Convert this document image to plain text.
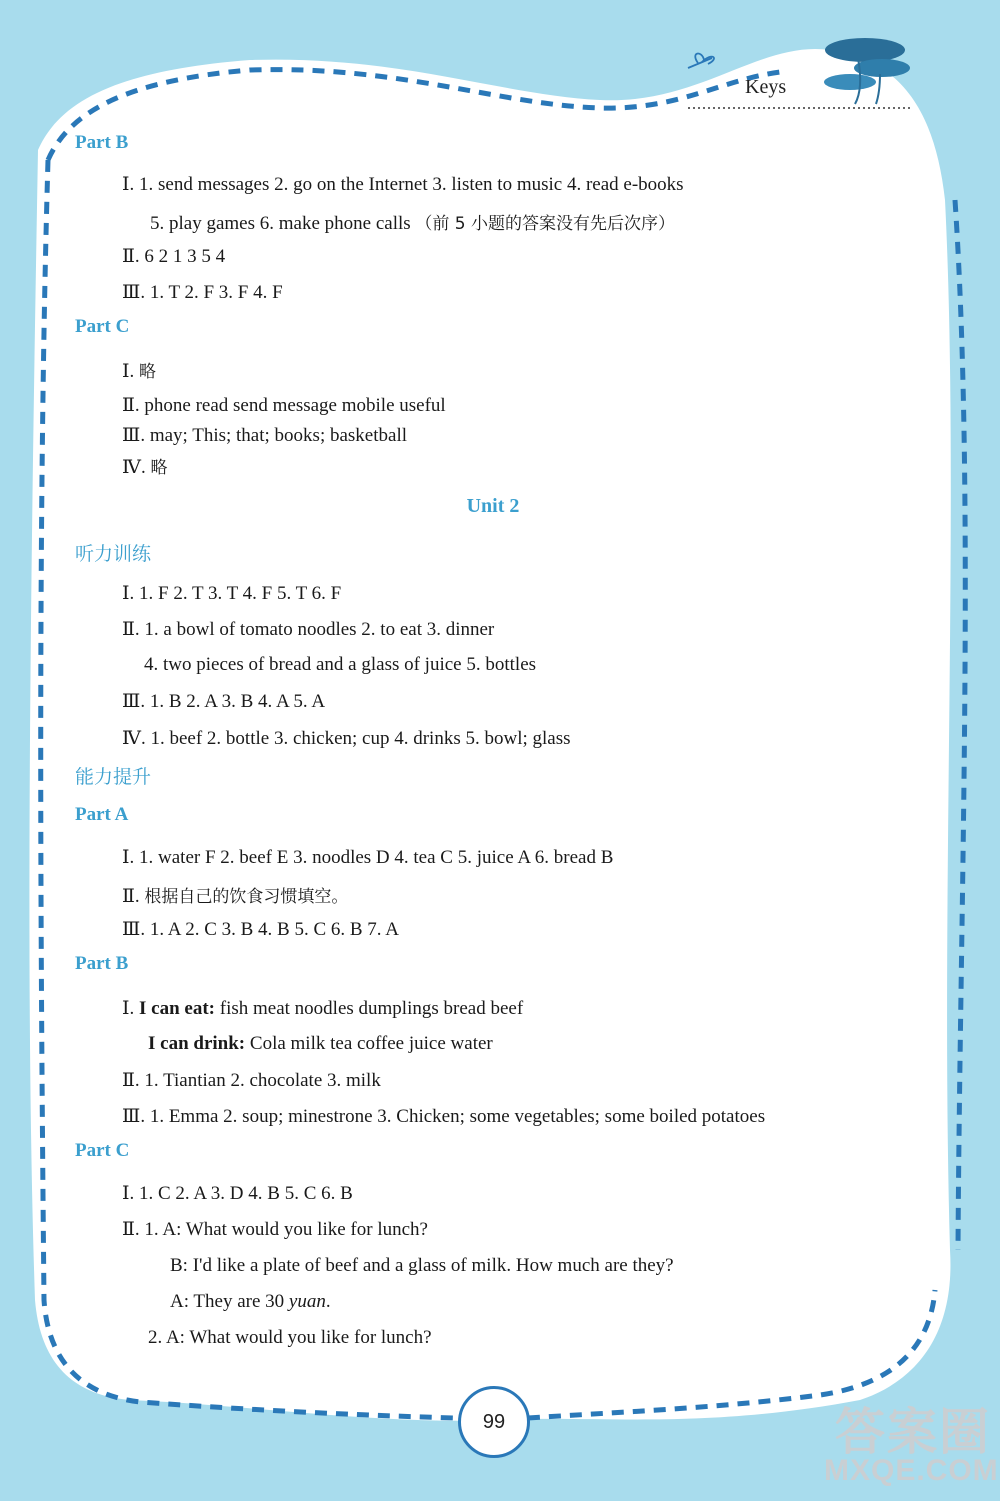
Keys
Part B
Ⅰ. 1. send messages 2. go on the Internet 3. listen to music 4. read e-books
5. play games 6. make phone calls （前 5 小题的答案没有先后次序）
Ⅱ. 6 2 1 3 5 4
Ⅲ. 1. T 2. F 3. F 4. F
Part C
Ⅰ. 略
Ⅱ. phone read send message mobile useful
Ⅲ. may; This; that; books; basketball
Ⅳ. 略
Unit 2
听力训练
Ⅰ. 1. F 2. T 3. T 4. F 5. T 6. F
Ⅱ. 1. a bowl of tomato noodles 2. to eat 3. dinner
4. two pieces of bread and a glass of juice 5. bottles
Ⅲ. 1. B 2. A 3. B 4. A 5. A
Ⅳ. 1. beef 2. bottle 3. chicken; cup 4. drinks 5. bowl; glass
能力提升
Part A
Ⅰ. 1. water F 2. beef E 3. noodles D 4. tea C 5. juice A 6. bread B
Ⅱ. 根据自己的饮食习惯填空。
Ⅲ. 1. A 2. C 3. B 4. B 5. C 6. B 7. A
Part B
Ⅰ. I can eat: fish meat noodles dumplings bread beef
I can drink: Cola milk tea coffee juice water
Ⅱ. 1. Tiantian 2. chocolate 3. milk
Ⅲ. 1. Emma 2. soup; minestrone 3. Chicken; some vegetables; some boiled potatoes
Part C
Ⅰ. 1. C 2. A 3. D 4. B 5. C 6. B
Ⅱ. 1. A: What would you like for lunch?
B: I'd like a plate of beef and a glass of milk. How much are they?
A: They are 30 yuan.
2. A: What would you like for lunch?
99	答案圈
MXQE.COM
